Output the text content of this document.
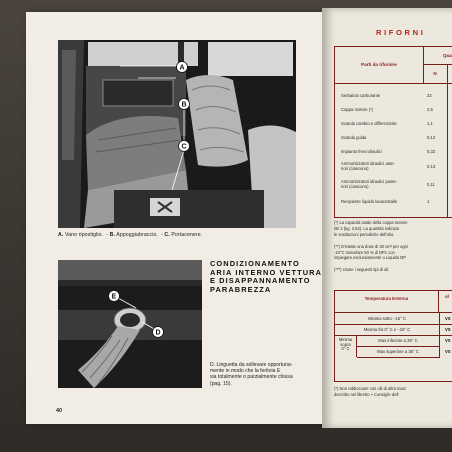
A
B
C
A. Vano ripostiglio.  - B. Appoggiabraccio.  - C. Portacenere.
E
D
CONDIZIONAMENTO
ARIA INTERNO VETTURA
E DISAPPANNAMENTO
PARABREZZA
D. Linguetta da sollevare opportuna-
mente in modo che la feritoia E
sia totalmente o parzialmente chiusa
(pag. 15).
40
RIFORNI
Parti da rifornire
Qua
N
Serbatoio carburante	22
Coppa motore (*)	2,5
Scatola cambio e differenziale	1,1
Scatola guida	0,12
Impianto freni idraulici	0,32
Ammortizzatori idraulici ante-
riori (ciascuno)	0,13
Ammortizzatori idraulici poste-
riori (ciascuno)	0,11
Recipiente liquido lavacristallo	1
(*) La capacità totale della coppa motore
litri 2 (kg. 2,63). La quantità indicata
le sostituzioni periodiche dell'olio.

(**) D'estate una dose di 30 cm³ per ogni
-10°C miscelare 50 % di DP1 con
impiegare esclusivamente o Liquido DP

(***) Usare i seguenti tipi di oli:
Temperatura Esterna	ol
Minima sotto −15° C	VS
Minima fra 0° C e −15° C	VS
Minima
sopra
0° C
Max inferiore a 35° C	VS
Max superiore a 35° C	VS
(*) Non rabboccare con olii di altra marc
descritto nel libretto « Consigli» dell
